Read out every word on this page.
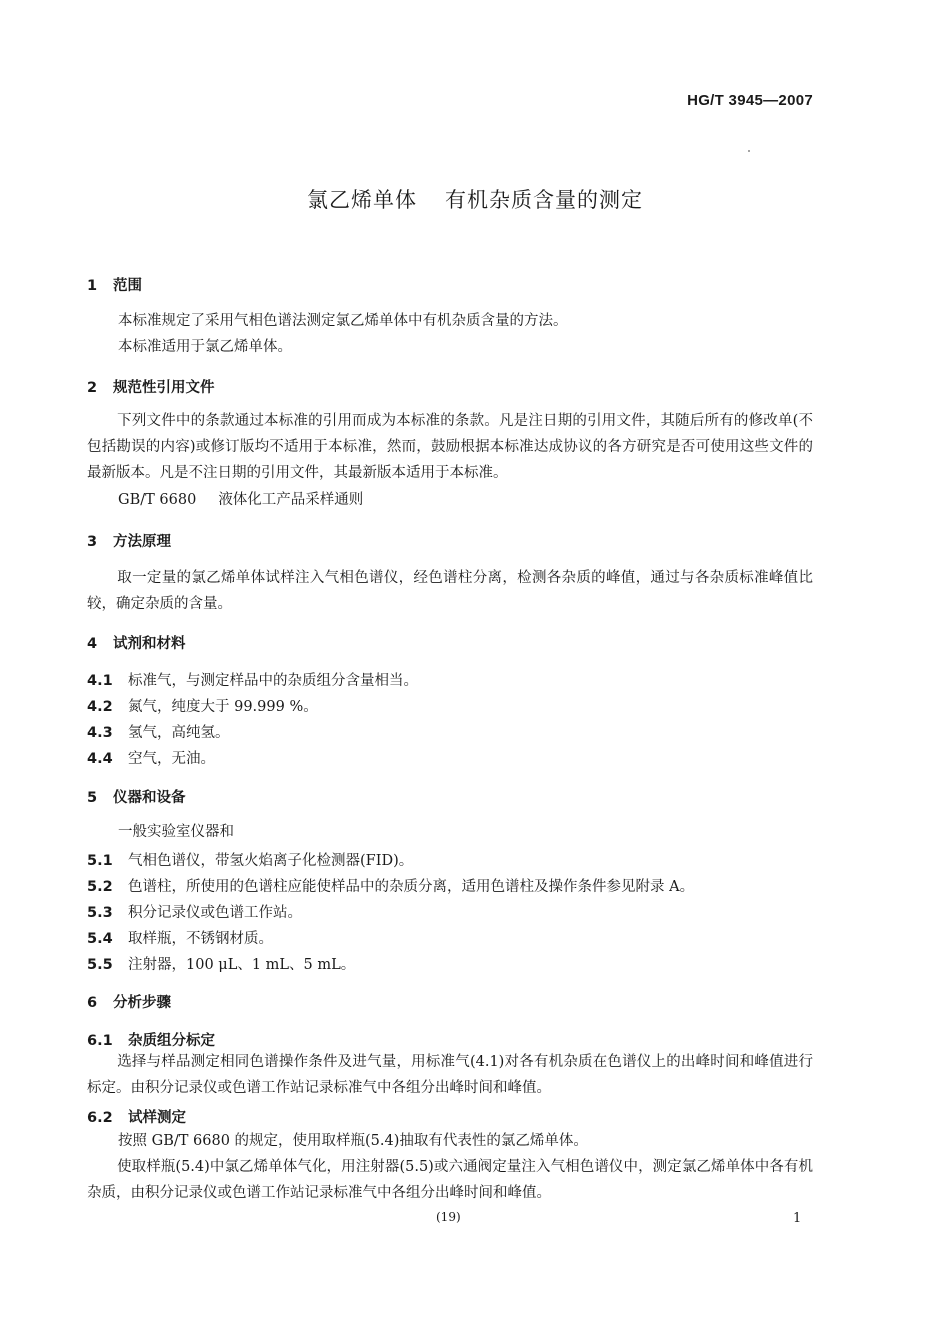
HG/T 3945—2007
氯乙烯单体 有机杂质含量的测定
1 范围
本标准规定了采用气相色谱法测定氯乙烯单体中有机杂质含量的方法。
本标准适用于氯乙烯单体。
2 规范性引用文件
下列文件中的条款通过本标准的引用而成为本标准的条款。凡是注日期的引用文件，其随后所有的修改单(不包括勘误的内容)或修订版均不适用于本标准，然而，鼓励根据本标准达成协议的各方研究是否可使用这些文件的最新版本。凡是不注日期的引用文件，其最新版本适用于本标准。
GB/T 6680 液体化工产品采样通则
3 方法原理
取一定量的氯乙烯单体试样注入气相色谱仪，经色谱柱分离，检测各杂质的峰值，通过与各杂质标准峰值比较，确定杂质的含量。
4 试剂和材料
4.1 标准气，与测定样品中的杂质组分含量相当。
4.2 氮气，纯度大于 99.999 %。
4.3 氢气，高纯氢。
4.4 空气，无油。
5 仪器和设备
一般实验室仪器和
5.1 气相色谱仪，带氢火焰离子化检测器(FID)。
5.2 色谱柱，所使用的色谱柱应能使样品中的杂质分离，适用色谱柱及操作条件参见附录 A。
5.3 积分记录仪或色谱工作站。
5.4 取样瓶，不锈钢材质。
5.5 注射器，100 μL、1 mL、5 mL。
6 分析步骤
6.1 杂质组分标定
选择与样品测定相同色谱操作条件及进气量，用标准气(4.1)对各有机杂质在色谱仪上的出峰时间和峰值进行标定。由积分记录仪或色谱工作站记录标准气中各组分出峰时间和峰值。
6.2 试样测定
按照 GB/T 6680 的规定，使用取样瓶(5.4)抽取有代表性的氯乙烯单体。
使取样瓶(5.4)中氯乙烯单体气化，用注射器(5.5)或六通阀定量注入气相色谱仪中，测定氯乙烯单体中各有机杂质，由积分记录仪或色谱工作站记录标准气中各组分出峰时间和峰值。
(19)	1
